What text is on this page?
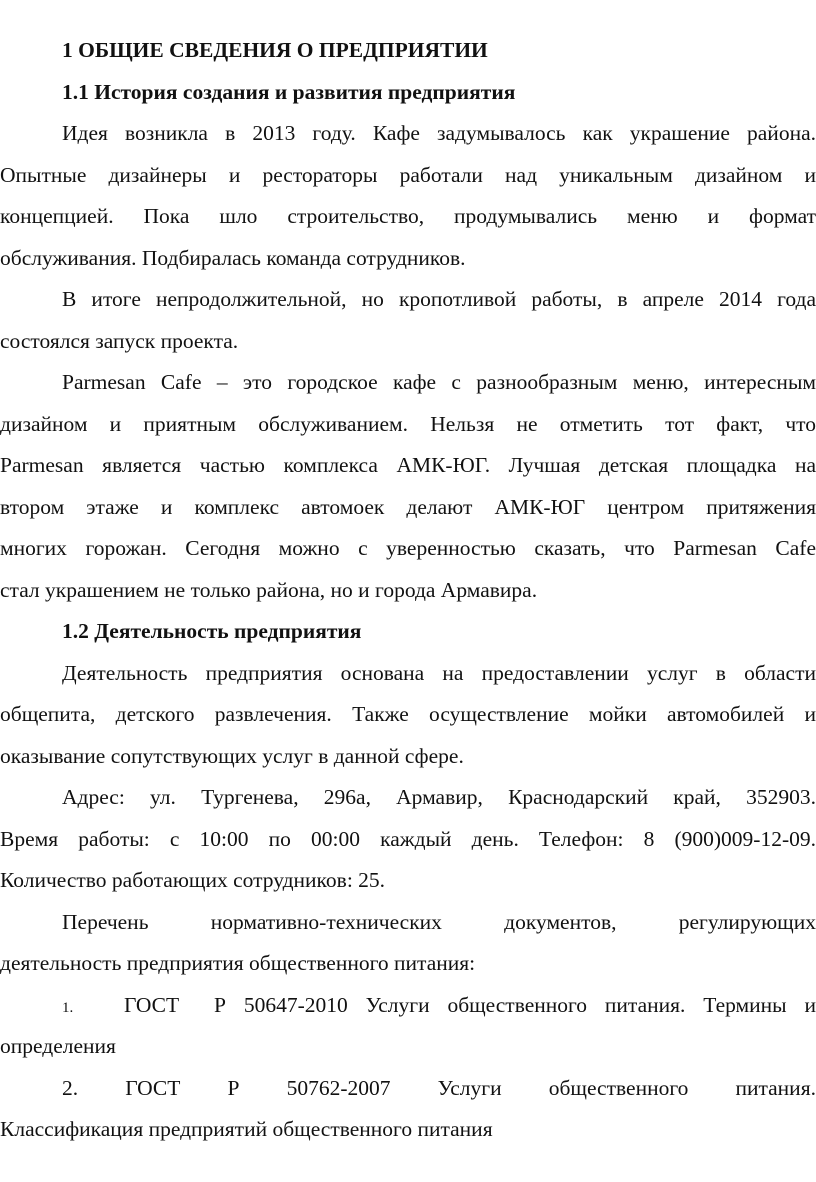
1 ОБЩИЕ СВЕДЕНИЯ О ПРЕДПРИЯТИИ
1.1 История создания и развития предприятия
Идея возникла в 2013 году. Кафе задумывалось как украшение района.
Опытные дизайнеры и рестораторы работали над уникальным дизайном и
концепцией. Пока шло строительство, продумывались меню и формат
обслуживания. Подбиралась команда сотрудников.
В итоге непродолжительной, но кропотливой работы, в апреле 2014 года
состоялся запуск проекта.
Parmesan Cafe – это городское кафе с разнообразным меню, интересным
дизайном и приятным обслуживанием. Нельзя не отметить тот факт, что
Parmesan является частью комплекса АМК-ЮГ. Лучшая детская площадка на
втором этаже и комплекс автомоек делают АМК-ЮГ центром притяжения
многих горожан. Сегодня можно с уверенностью сказать, что Parmesan Cafe
стал украшением не только района, но и города Армавира.
1.2 Деятельность предприятия
Деятельность предприятия основана на предоставлении услуг в области
общепита, детского развлечения. Также осуществление мойки автомобилей и
оказывание сопутствующих услуг в данной сфере.
Адрес: ул. Тургенева, 296а, Армавир, Краснодарский край, 352903.
Время работы: с 10:00 по 00:00 каждый день. Телефон: 8 (900)009-12-09.
Количество работающих сотрудников: 25.
Перечень нормативно-технических документов, регулирующих
деятельность предприятия общественного питания:
1.	ГОСТ	Р 50647-2010 Услуги общественного питания. Термины и
определения
2. ГОСТ Р 50762-2007 Услуги общественного питания.
Классификация предприятий общественного питания
